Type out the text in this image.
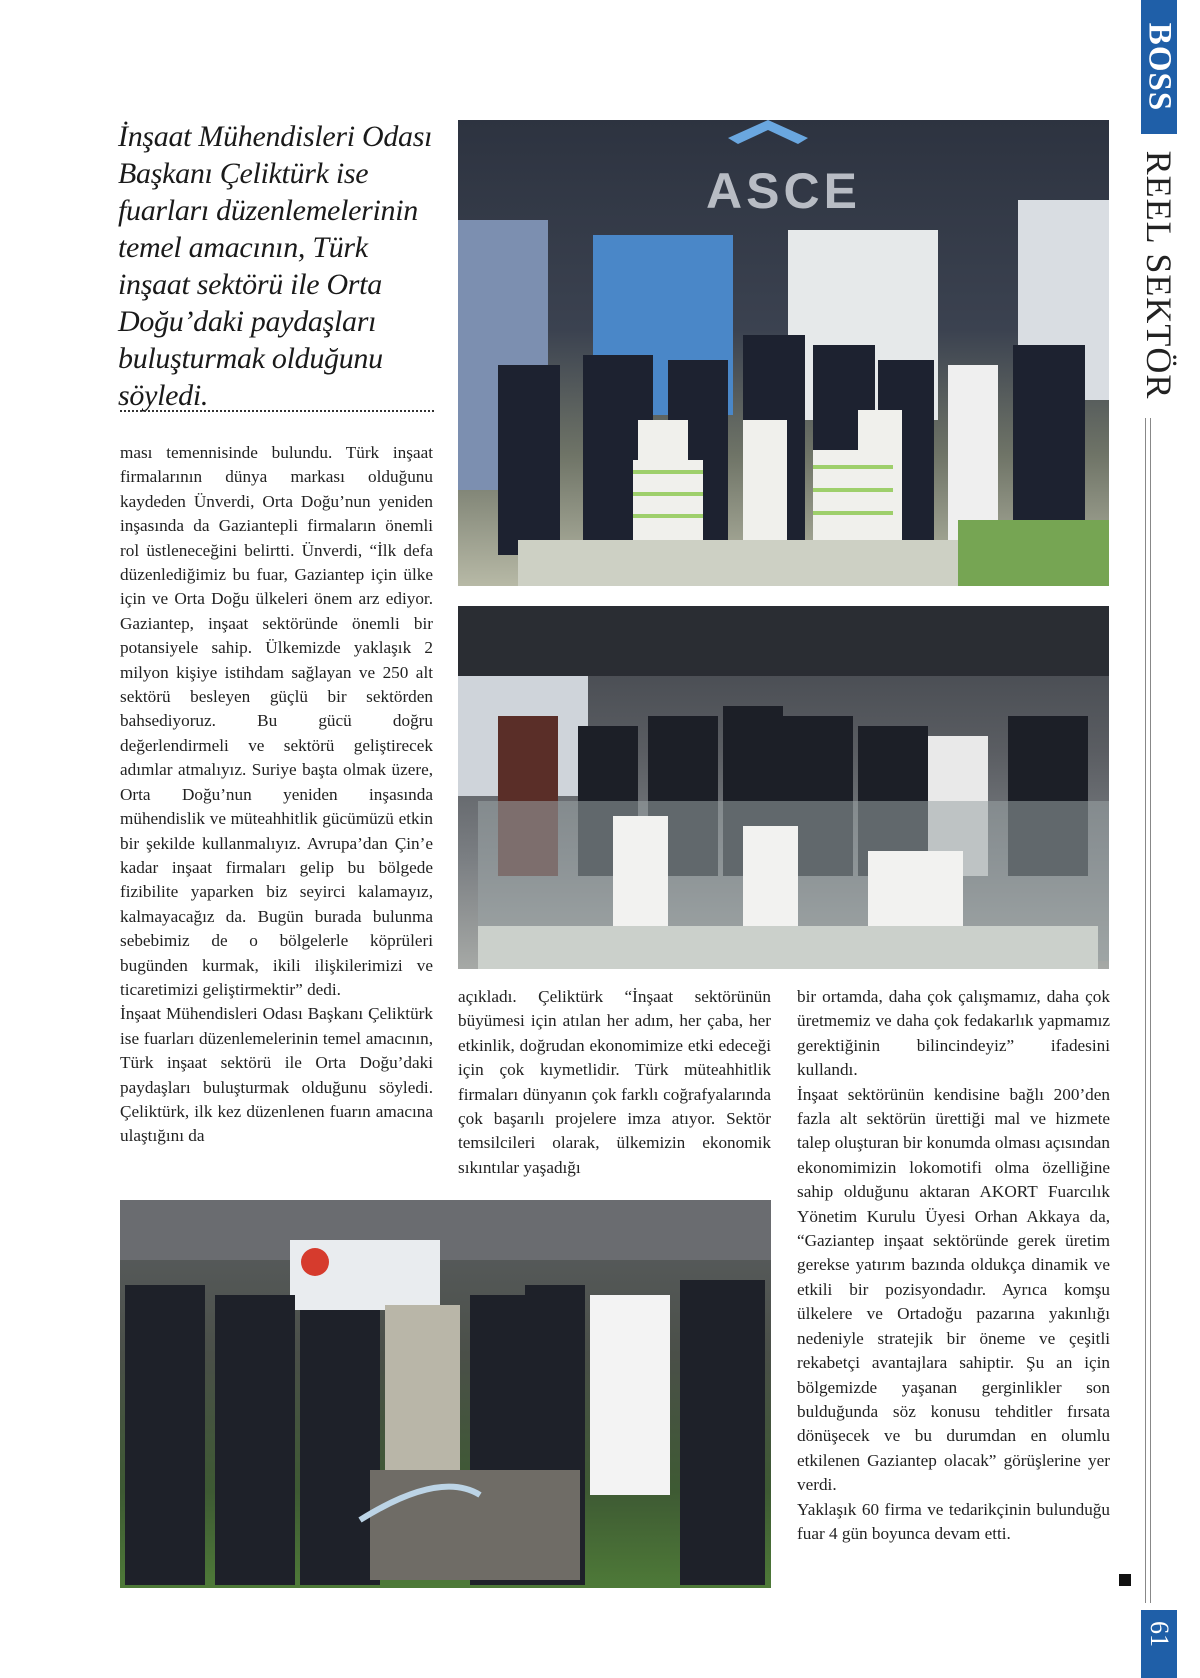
BOSS
REEL SEKTÖR
61
İnşaat Mühendisleri Odası Başkanı Çeliktürk ise fuarları düzenlemelerinin temel amacının, Türk inşaat sektörü ile Orta Doğu’daki paydaşları buluşturmak olduğunu söyledi.
ASCE

ması temennisinde bulundu. Türk inşaat firmalarının dünya markası olduğunu kaydeden Ünverdi, Orta Doğu’nun yeniden inşasında da Gaziantepli firmaların önemli rol üstleneceğini belirtti. Ünverdi, “İlk defa düzenlediğimiz bu fuar, Gaziantep için ülke için ve Orta Doğu ülkeleri önem arz ediyor. Gaziantep, inşaat sektöründe önemli bir potansiyele sahip. Ülkemizde yaklaşık 2 milyon kişiye istihdam sağlayan ve 250 alt sektörü besleyen güçlü bir sektörden bahsediyoruz. Bu gücü doğru değerlendirmeli ve sektörü geliştirecek adımlar atmalıyız. Suriye başta olmak üzere, Orta Doğu’nun yeniden inşasında mühendislik ve müteahhitlik gücümüzü etkin bir şekilde kullanmalıyız. Avrupa’dan Çin’e kadar inşaat firmaları gelip bu bölgede fizibilite yaparken biz seyirci kalamayız, kalmayacağız da. Bugün burada bulunma sebebimiz de o bölgelerle köprüleri bugünden kurmak, ikili ilişkilerimizi ve ticaretimizi geliştirmektir” dedi.

İnşaat Mühendisleri Odası Başkanı Çeliktürk ise fuarları düzenlemelerinin temel amacının, Türk inşaat sektörü ile Orta Doğu’daki paydaşları buluşturmak olduğunu söyledi. Çeliktürk, ilk kez düzenlenen fuarın amacına ulaştığını da

açıkladı. Çeliktürk “İnşaat sektörünün büyümesi için atılan her adım, her çaba, her etkinlik, doğrudan ekonomimize etki edeceği için çok kıymetlidir. Türk müteahhitlik firmaları dünyanın çok farklı coğrafyalarında çok başarılı projelere imza atıyor. Sektör temsilcileri olarak, ülkemizin ekonomik sıkıntılar yaşadığı

bir ortamda, daha çok çalışmamız, daha çok üretmemiz ve daha çok fedakarlık yapmamız gerektiğinin bilincindeyiz” ifadesini kullandı.

İnşaat sektörünün kendisine bağlı 200’den fazla alt sektörün ürettiği mal ve hizmete talep oluşturan bir konumda olması açısından ekonomimizin lokomotifi olma özelliğine sahip olduğunu aktaran AKORT Fuarcılık Yönetim Kurulu Üyesi Orhan Akkaya da, “Gaziantep inşaat sektöründe gerek üretim gerekse yatırım bazında oldukça dinamik ve etkili bir pozisyondadır. Ayrıca komşu ülkelere ve Ortadoğu pazarına yakınlığı nedeniyle stratejik bir öneme ve çeşitli rekabetçi avantajlara sahiptir. Şu an için bölgemizde yaşanan gerginlikler son bulduğunda söz konusu tehditler fırsata dönüşecek ve bu durumdan en olumlu etkilenen Gaziantep olacak” görüşlerine yer verdi.

Yaklaşık 60 firma ve tedarikçinin bulunduğu fuar 4 gün boyunca devam etti.
